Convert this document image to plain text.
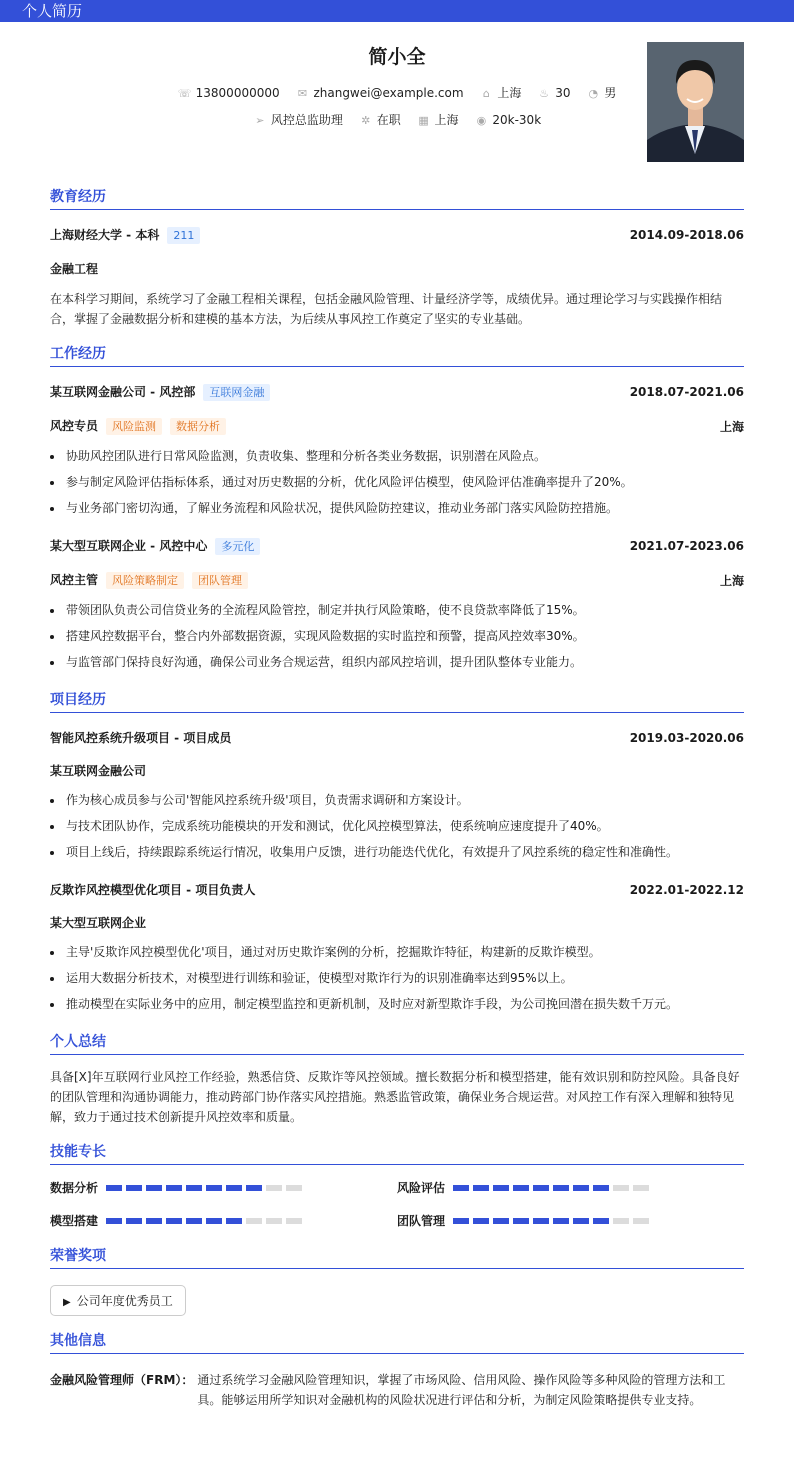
个人简历
简小全
☏ 13800000000 ✉ zhangwei@example.com ⌂ 上海 ♨ 30 ◔ 男
➢ 风控总监助理 ✲ 在职 ▦ 上海 ◉ 20k-30k
教育经历
上海财经大学 - 本科 211	2014.09-2018.06
金融工程
在本科学习期间，系统学习了金融工程相关课程，包括金融风险管理、计量经济学等，成绩优异。通过理论学习与实践操作相结合，掌握了金融数据分析和建模的基本方法，为后续从事风控工作奠定了坚实的专业基础。
工作经历
某互联网金融公司 - 风控部 互联网金融	2018.07-2021.06
风控专员 风险监测 数据分析	上海
• 协助风控团队进行日常风险监测，负责收集、整理和分析各类业务数据，识别潜在风险点。
• 参与制定风险评估指标体系，通过对历史数据的分析，优化风险评估模型，使风险评估准确率提升了20%。
• 与业务部门密切沟通，了解业务流程和风险状况，提供风险防控建议，推动业务部门落实风险防控措施。
某大型互联网企业 - 风控中心 多元化	2021.07-2023.06
风控主管 风险策略制定 团队管理	上海
• 带领团队负责公司信贷业务的全流程风险管控，制定并执行风险策略，使不良贷款率降低了15%。
• 搭建风控数据平台，整合内外部数据资源，实现风险数据的实时监控和预警，提高风控效率30%。
• 与监管部门保持良好沟通，确保公司业务合规运营，组织内部风控培训，提升团队整体专业能力。
项目经历
智能风控系统升级项目 - 项目成员	2019.03-2020.06
某互联网金融公司
• 作为核心成员参与公司'智能风控系统升级'项目，负责需求调研和方案设计。
• 与技术团队协作，完成系统功能模块的开发和测试，优化风控模型算法，使系统响应速度提升了40%。
• 项目上线后，持续跟踪系统运行情况，收集用户反馈，进行功能迭代优化，有效提升了风控系统的稳定性和准确性。
反欺诈风控模型优化项目 - 项目负责人	2022.01-2022.12
某大型互联网企业
• 主导'反欺诈风控模型优化'项目，通过对历史欺诈案例的分析，挖掘欺诈特征，构建新的反欺诈模型。
• 运用大数据分析技术，对模型进行训练和验证，使模型对欺诈行为的识别准确率达到95%以上。
• 推动模型在实际业务中的应用，制定模型监控和更新机制，及时应对新型欺诈手段，为公司挽回潜在损失数千万元。
个人总结
具备[X]年互联网行业风控工作经验，熟悉信贷、反欺诈等风控领域。擅长数据分析和模型搭建，能有效识别和防控风险。具备良好的团队管理和沟通协调能力，推动跨部门协作落实风控措施。熟悉监管政策，确保业务合规运营。对风控工作有深入理解和独特见解，致力于通过技术创新提升风控效率和质量。
技能专长
数据分析	风险评估
模型搭建	团队管理
荣誉奖项
▶ 公司年度优秀员工
其他信息
金融风险管理师（FRM）： 通过系统学习金融风险管理知识，掌握了市场风险、信用风险、操作风险等多种风险的管理方法和工具。能够运用所学知识对金融机构的风险状况进行评估和分析，为制定风险策略提供专业支持。
